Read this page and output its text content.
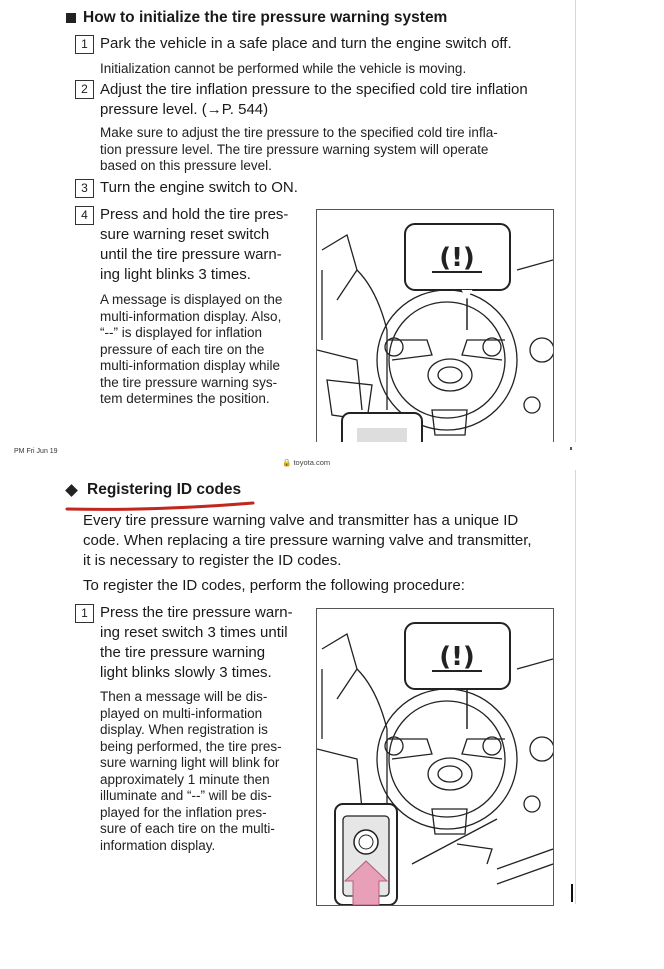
How to initialize the tire pressure warning system
1 Park the vehicle in a safe place and turn the engine switch off.
Initialization cannot be performed while the vehicle is moving.
2 Adjust the tire inflation pressure to the specified cold tire inflation
pressure level. (→P. 544)
Make sure to adjust the tire pressure to the specified cold tire infla-
tion pressure level. The tire pressure warning system will operate
based on this pressure level.
3 Turn the engine switch to ON.
4 Press and hold the tire pres-
sure warning reset switch
until the tire pressure warn-
ing light blinks 3 times.
A message is displayed on the
multi-information display. Also,
“--” is displayed for inflation
pressure of each tire on the
multi-information display while
the tire pressure warning sys-
tem determines the position.
(!)
PM Fri Jun 19
🔒 toyota.com
Registering ID codes
Every tire pressure warning valve and transmitter has a unique ID
code. When replacing a tire pressure warning valve and transmitter,
it is necessary to register the ID codes.
To register the ID codes, perform the following procedure:
1 Press the tire pressure warn-
ing reset switch 3 times until
the tire pressure warning
light blinks slowly 3 times.
Then a message will be dis-
played on multi-information
display. When registration is
being performed, the tire pres-
sure warning light will blink for
approximately 1 minute then
illuminate and “--” will be dis-
played for the inflation pres-
sure of each tire on the multi-
information display.
(!)
